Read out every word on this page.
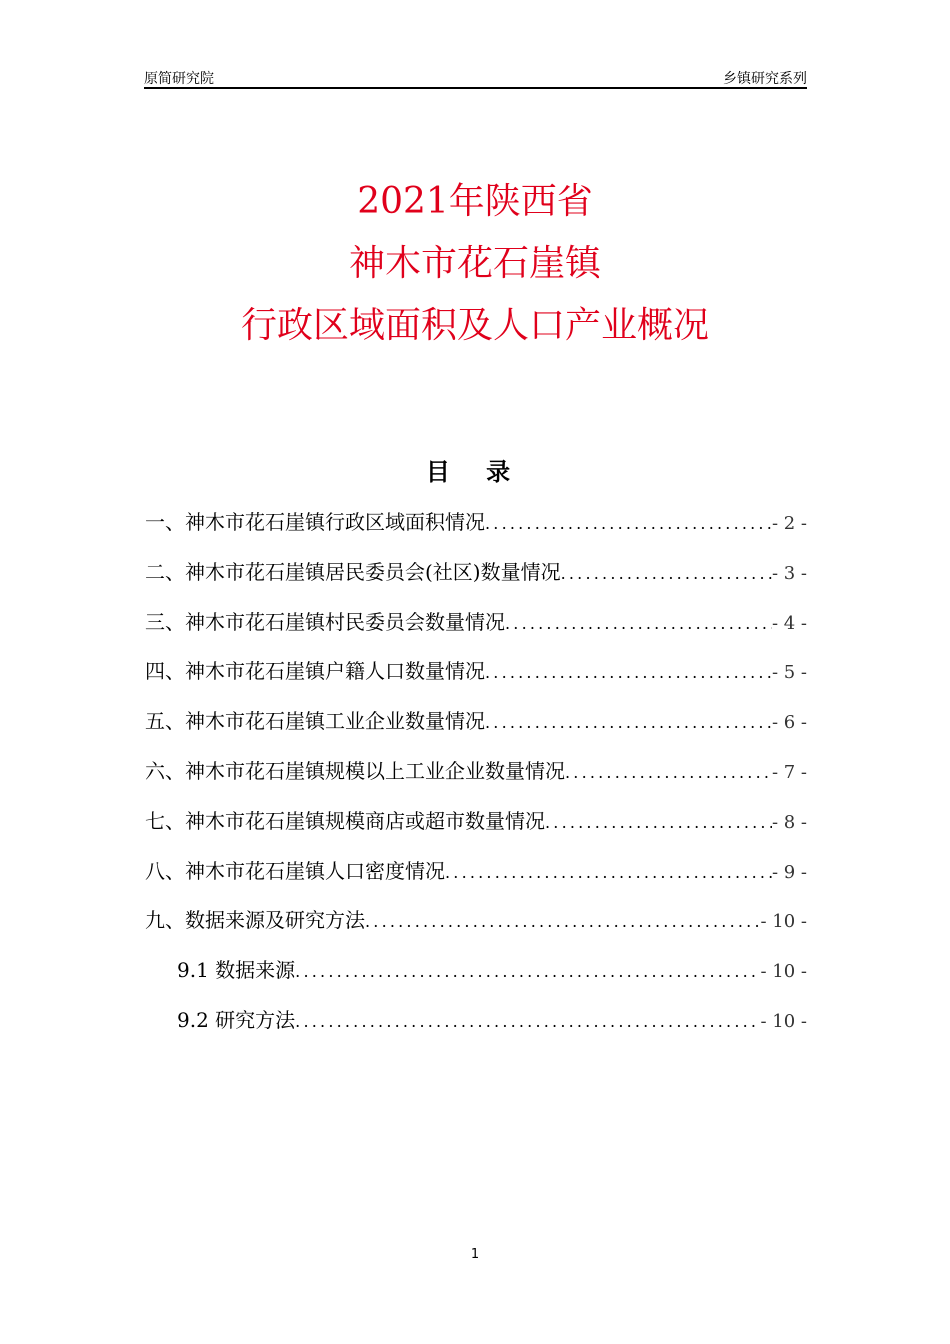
原简研究院	乡镇研究系列
2021年陕西省
神木市花石崖镇
行政区域面积及人口产业概况
目 录
一、神木市花石崖镇行政区域面积情况 .....	- 2 -
二、神木市花石崖镇居民委员会(社区)数量情况 .....	- 3 -
三、神木市花石崖镇村民委员会数量情况 .....	- 4 -
四、神木市花石崖镇户籍人口数量情况 .....	- 5 -
五、神木市花石崖镇工业企业数量情况 .....	- 6 -
六、神木市花石崖镇规模以上工业企业数量情况 .....	- 7 -
七、神木市花石崖镇规模商店或超市数量情况 .....	- 8 -
八、神木市花石崖镇人口密度情况 .....	- 9 -
九、数据来源及研究方法 .....	- 10 -
9.1 数据来源 .....	- 10 -
9.2 研究方法 .....	- 10 -
1
